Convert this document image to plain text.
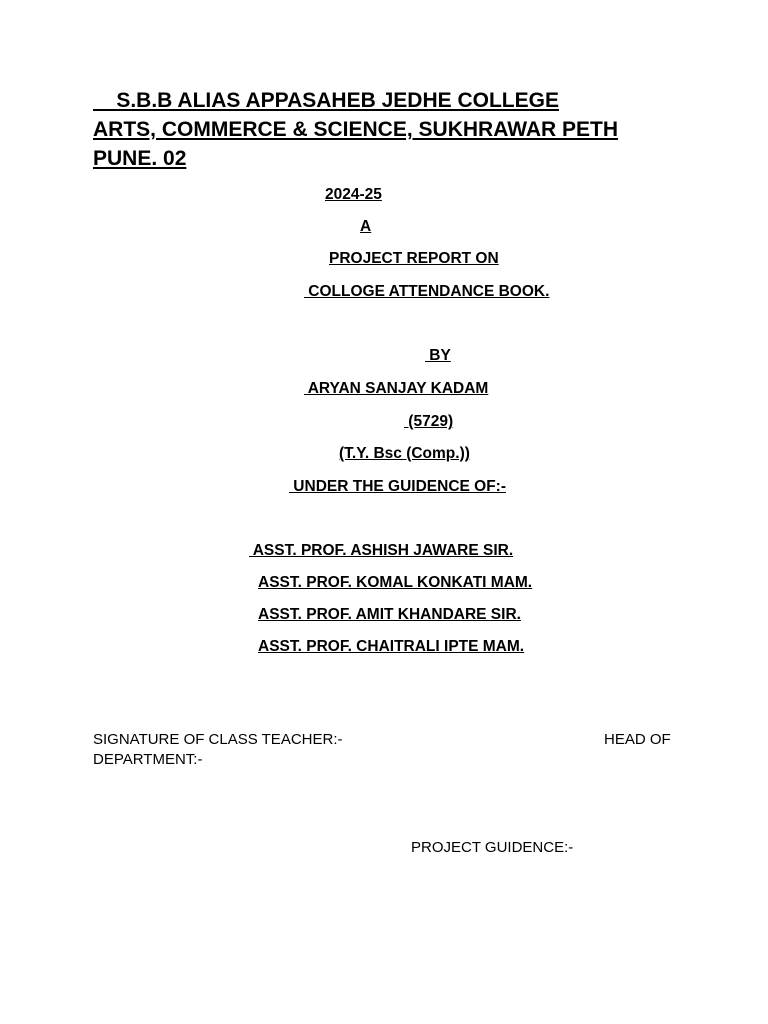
S.B.B ALIAS APPASAHEB JEDHE COLLEGE
ARTS, COMMERCE & SCIENCE, SUKHRAWAR PETH
PUNE. 02
2024-25
A
PROJECT REPORT ON
COLLOGE ATTENDANCE BOOK.
BY
ARYAN SANJAY KADAM
(5729)
(T.Y. Bsc (Comp.))
UNDER THE GUIDENCE OF:-
ASST. PROF. ASHISH JAWARE SIR.
ASST. PROF. KOMAL KONKATI MAM.
ASST. PROF. AMIT KHANDARE SIR.
ASST. PROF. CHAITRALI IPTE MAM.
SIGNATURE OF CLASS TEACHER:-	HEAD OF
DEPARTMENT:-
PROJECT GUIDENCE:-
